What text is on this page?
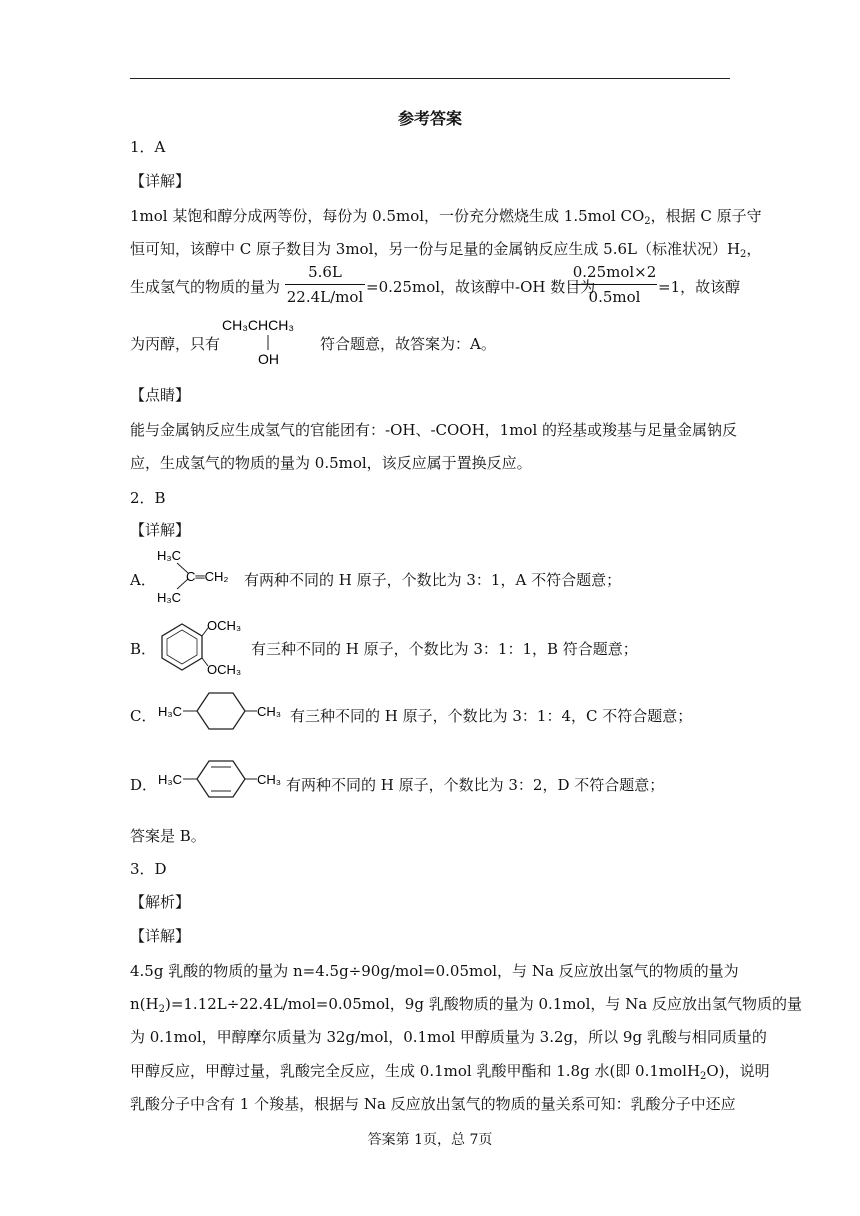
参考答案
1．A
【详解】
1mol 某饱和醇分成两等份，每份为 0.5mol，一份充分燃烧生成 1.5mol $CO_2$，根据 C 原子守
恒可知，该醇中 C 原子数目为 3mol，另一份与足量的金属钠反应生成 5.6L（标准状况）$H_2$，
生成氢气的物质的量为
5.6L
22.4L/mol
=0.25mol，故该醇中-OH 数目为
0.25mol×2
0.5mol
=1，故该醇
为丙醇，只有
CH₃CHCH₃
OH
符合题意，故答案为：A。
【点睛】
能与金属钠反应生成氢气的官能团有：-OH、-COOH，1mol 的羟基或羧基与足量金属钠反
应，生成氢气的物质的量为 0.5mol，该反应属于置换反应。
2．B
【详解】
A．
H₃C
H₃C
C═CH₂ 有两种不同的 H 原子，个数比为 3：1，A 不符合题意；
B．
OCH₃
OCH₃
有三种不同的 H 原子，个数比为 3：1：1，B 符合题意；
C． H₃C	CH₃ 有三种不同的 H 原子，个数比为 3：1：4，C 不符合题意；
D． H₃C	CH₃ 有两种不同的 H 原子，个数比为 3：2，D 不符合题意；
答案是 B。
3．D
【解析】
【详解】
4.5g 乳酸的物质的量为 n=4.5g÷90g/mol=0.05mol，与 Na 反应放出氢气的物质的量为
$n(H_2)=1.12L\div 22.4L/mol=0.05mol$，9g 乳酸物质的量为 0.1mol，与 Na 反应放出氢气物质的量
为 0.1mol，甲醇摩尔质量为 32g/mol，0.1mol 甲醇质量为 3.2g，所以 9g 乳酸与相同质量的
甲醇反应，甲醇过量，乳酸完全反应，生成 0.1mol 乳酸甲酯和 1.8g 水(即 0.1molH$_2$O)，说明
乳酸分子中含有 1 个羧基，根据与 Na 反应放出氢气的物质的量关系可知：乳酸分子中还应
答案第 1页，总 7页
